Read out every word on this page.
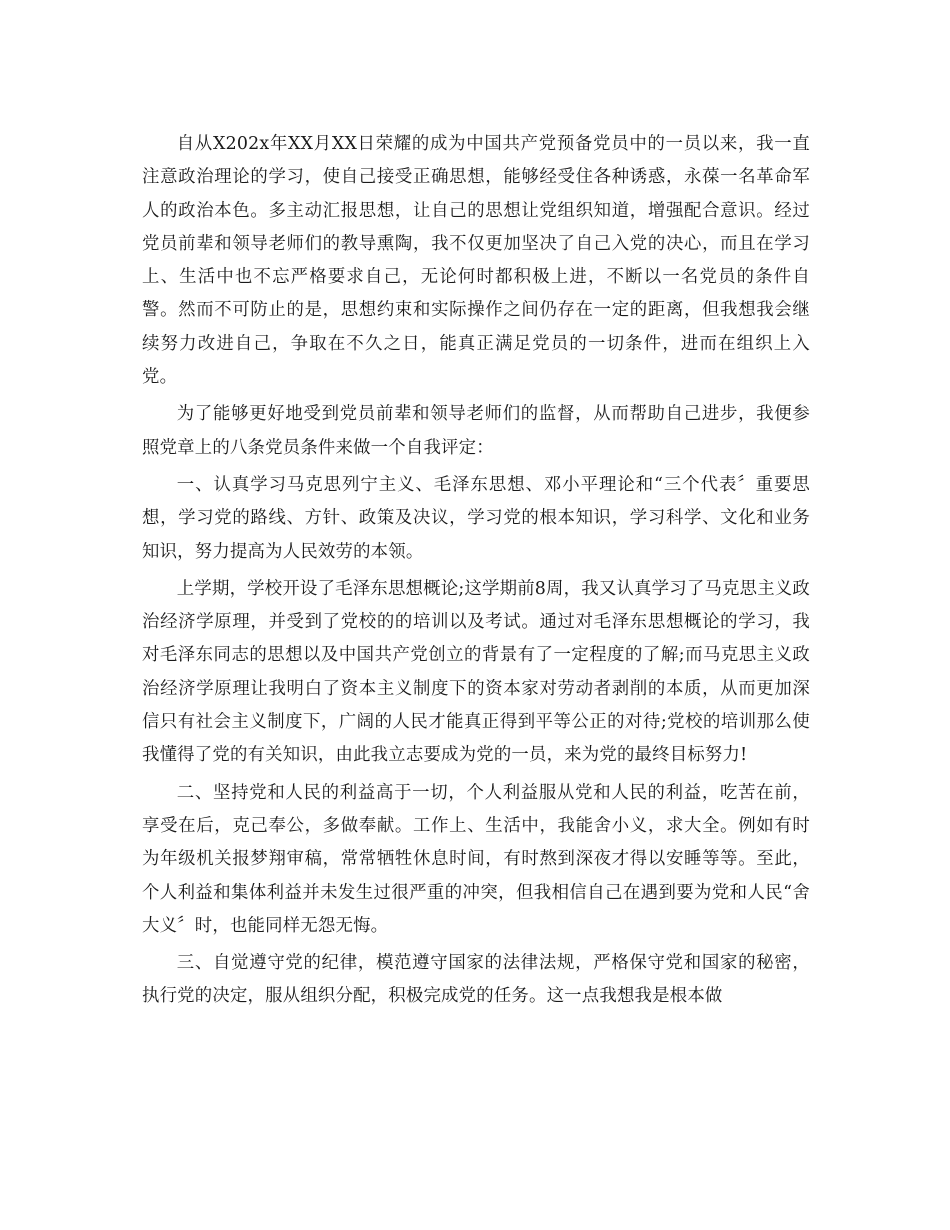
自从X202x年XX月XX日荣耀的成为中国共产党预备党员中的一员以来，我一直注意政治理论的学习，使自己接受正确思想，能够经受住各种诱惑，永葆一名革命军人的政治本色。多主动汇报思想，让自己的思想让党组织知道，增强配合意识。经过党员前辈和领导老师们的教导熏陶，我不仅更加坚决了自己入党的决心，而且在学习上、生活中也不忘严格要求自己，无论何时都积极上进，不断以一名党员的条件自警。然而不可防止的是，思想约束和实际操作之间仍存在一定的距离，但我想我会继续努力改进自己，争取在不久之日，能真正满足党员的一切条件，进而在组织上入党。

为了能够更好地受到党员前辈和领导老师们的监督，从而帮助自己进步，我便参照党章上的八条党员条件来做一个自我评定：

一、认真学习马克思列宁主义、毛泽东思想、邓小平理论和“三个代表〞重要思想，学习党的路线、方针、政策及决议，学习党的根本知识，学习科学、文化和业务知识，努力提高为人民效劳的本领。

上学期，学校开设了毛泽东思想概论;这学期前8周，我又认真学习了马克思主义政治经济学原理，并受到了党校的的培训以及考试。通过对毛泽东思想概论的学习，我对毛泽东同志的思想以及中国共产党创立的背景有了一定程度的了解;而马克思主义政治经济学原理让我明白了资本主义制度下的资本家对劳动者剥削的本质，从而更加深信只有社会主义制度下，广阔的人民才能真正得到平等公正的对待;党校的培训那么使我懂得了党的有关知识，由此我立志要成为党的一员，来为党的最终目标努力!

二、坚持党和人民的利益高于一切，个人利益服从党和人民的利益，吃苦在前，享受在后，克己奉公，多做奉献。工作上、生活中，我能舍小义，求大全。例如有时为年级机关报梦翔审稿，常常牺牲休息时间，有时熬到深夜才得以安睡等等。至此，个人利益和集体利益并未发生过很严重的冲突，但我相信自己在遇到要为党和人民“舍大义〞时，也能同样无怨无悔。

三、自觉遵守党的纪律，模范遵守国家的法律法规，严格保守党和国家的秘密，执行党的决定，服从组织分配，积极完成党的任务。这一点我想我是根本做
